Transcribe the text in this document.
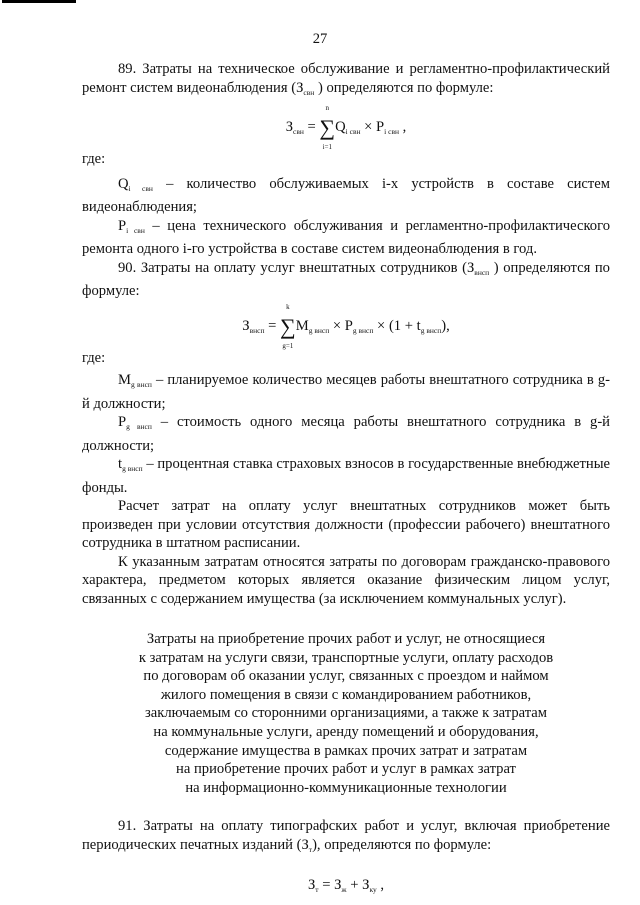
27

89. Затраты на техническое обслуживание и регламентно-профилактический ремонт систем видеонаблюдения ($З_{свн}$ ) определяются по формуле:

$З_{свн}$ =
n
∑
i=1
$Q_{i свн} \times P_{i свн}$ ,

где:

$Q_{i свн}$ – количество обслуживаемых i-х устройств в составе систем видеонаблюдения;

$P_{i свн}$ – цена технического обслуживания и регламентно-профилактического ремонта одного i-го устройства в составе систем видеонаблюдения в год.

90. Затраты на оплату услуг внештатных сотрудников ($З_{внсп}$ ) определяются по формуле:

$З_{внсп}$ =
k
∑
g=1
$M_{g внсп} \times P_{g внсп} \times (1 + t_{g внсп})$,

где:

$M_{g внсп}$ – планируемое количество месяцев работы внештатного сотрудника в g-й должности;

$P_{g внсп}$ – стоимость одного месяца работы внештатного сотрудника в g-й должности;

$t_{g внсп}$ – процентная ставка страховых взносов в государственные внебюджетные фонды.

Расчет затрат на оплату услуг внештатных сотрудников может быть произведен при условии отсутствия должности (профессии рабочего) внештатного сотрудника в штатном расписании.

К указанным затратам относятся затраты по договорам гражданско-правового характера, предметом которых является оказание физическим лицом услуг, связанных с содержанием имущества (за исключением коммунальных услуг).

Затраты на приобретение прочих работ и услуг, не относящиеся

к затратам на услуги связи, транспортные услуги, оплату расходов

по договорам об оказании услуг, связанных с проездом и наймом

жилого помещения в связи с командированием работников,

заключаемым со сторонними организациями, а также к затратам

на коммунальные услуги, аренду помещений и оборудования,

содержание имущества в рамках прочих затрат и затратам

на приобретение прочих работ и услуг в рамках затрат

на информационно-коммуникационные технологии

91. Затраты на оплату типографских работ и услуг, включая приобретение периодических печатных изданий $(З_т)$, определяются по формуле:

$З_т = З_ж + З_{ку}$ ,
